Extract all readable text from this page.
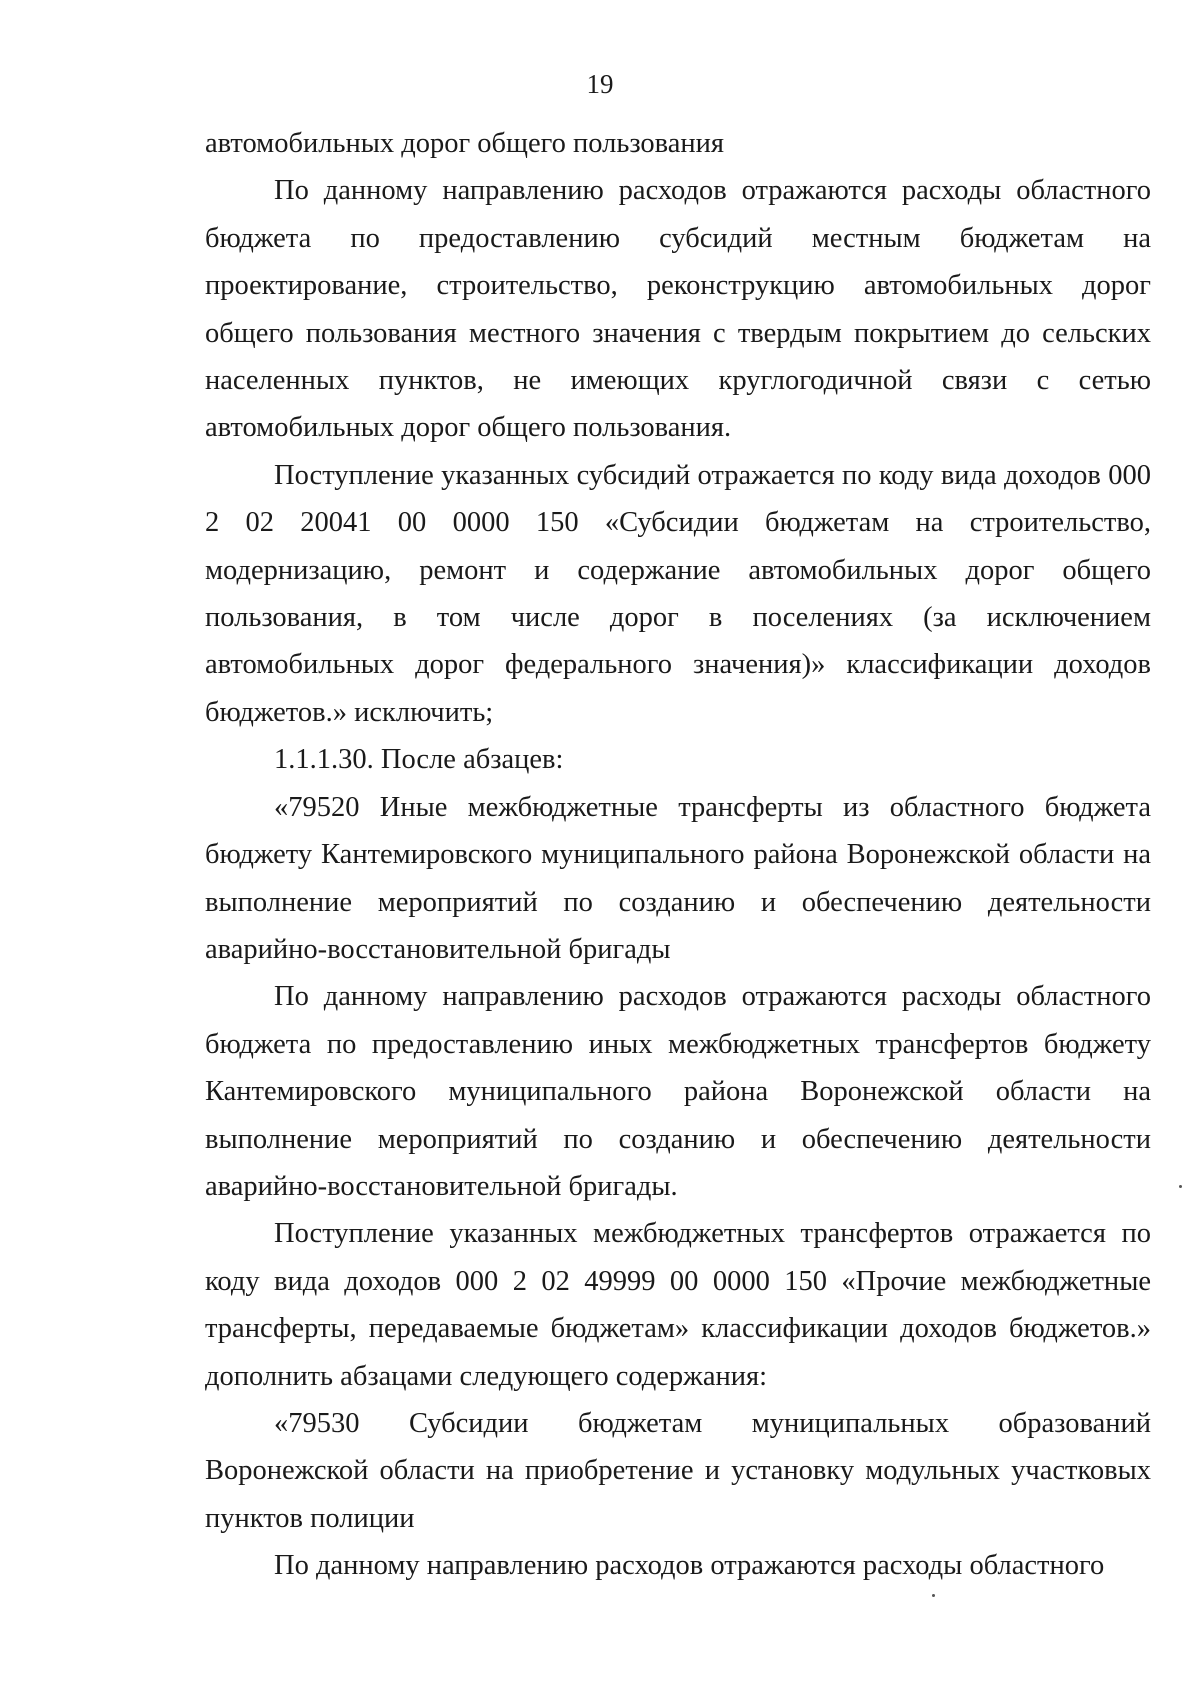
19

автомобильных дорог общего пользования

По данному направлению расходов отражаются расходы областного бюджета по предоставлению субсидий местным бюджетам на проектирование, строительство, реконструкцию автомобильных дорог общего пользования местного значения с твердым покрытием до сельских населенных пунктов, не имеющих круглогодичной связи с сетью автомобильных дорог общего пользования.

Поступление указанных субсидий отражается по коду вида доходов 000 2 02 20041 00 0000 150 «Субсидии бюджетам на строительство, модернизацию, ремонт и содержание автомобильных дорог общего пользования, в том числе дорог в поселениях (за исключением автомобильных дорог федерального значения)» классификации доходов бюджетов.» исключить;

1.1.1.30. После абзацев:

«79520 Иные межбюджетные трансферты из областного бюджета бюджету Кантемировского муниципального района Воронежской области на выполнение мероприятий по созданию и обеспечению деятельности аварийно-восстановительной бригады

По данному направлению расходов отражаются расходы областного бюджета по предоставлению иных межбюджетных трансфертов бюджету Кантемировского муниципального района Воронежской области на выполнение мероприятий по созданию и обеспечению деятельности аварийно-восстановительной бригады.

Поступление указанных межбюджетных трансфертов отражается по коду вида доходов 000 2 02 49999 00 0000 150 «Прочие межбюджетные трансферты, передаваемые бюджетам» классификации доходов бюджетов.» дополнить абзацами следующего содержания:

«79530 Субсидии бюджетам муниципальных образований Воронежской области на приобретение и установку модульных участковых пунктов полиции

По данному направлению расходов отражаются расходы областного
